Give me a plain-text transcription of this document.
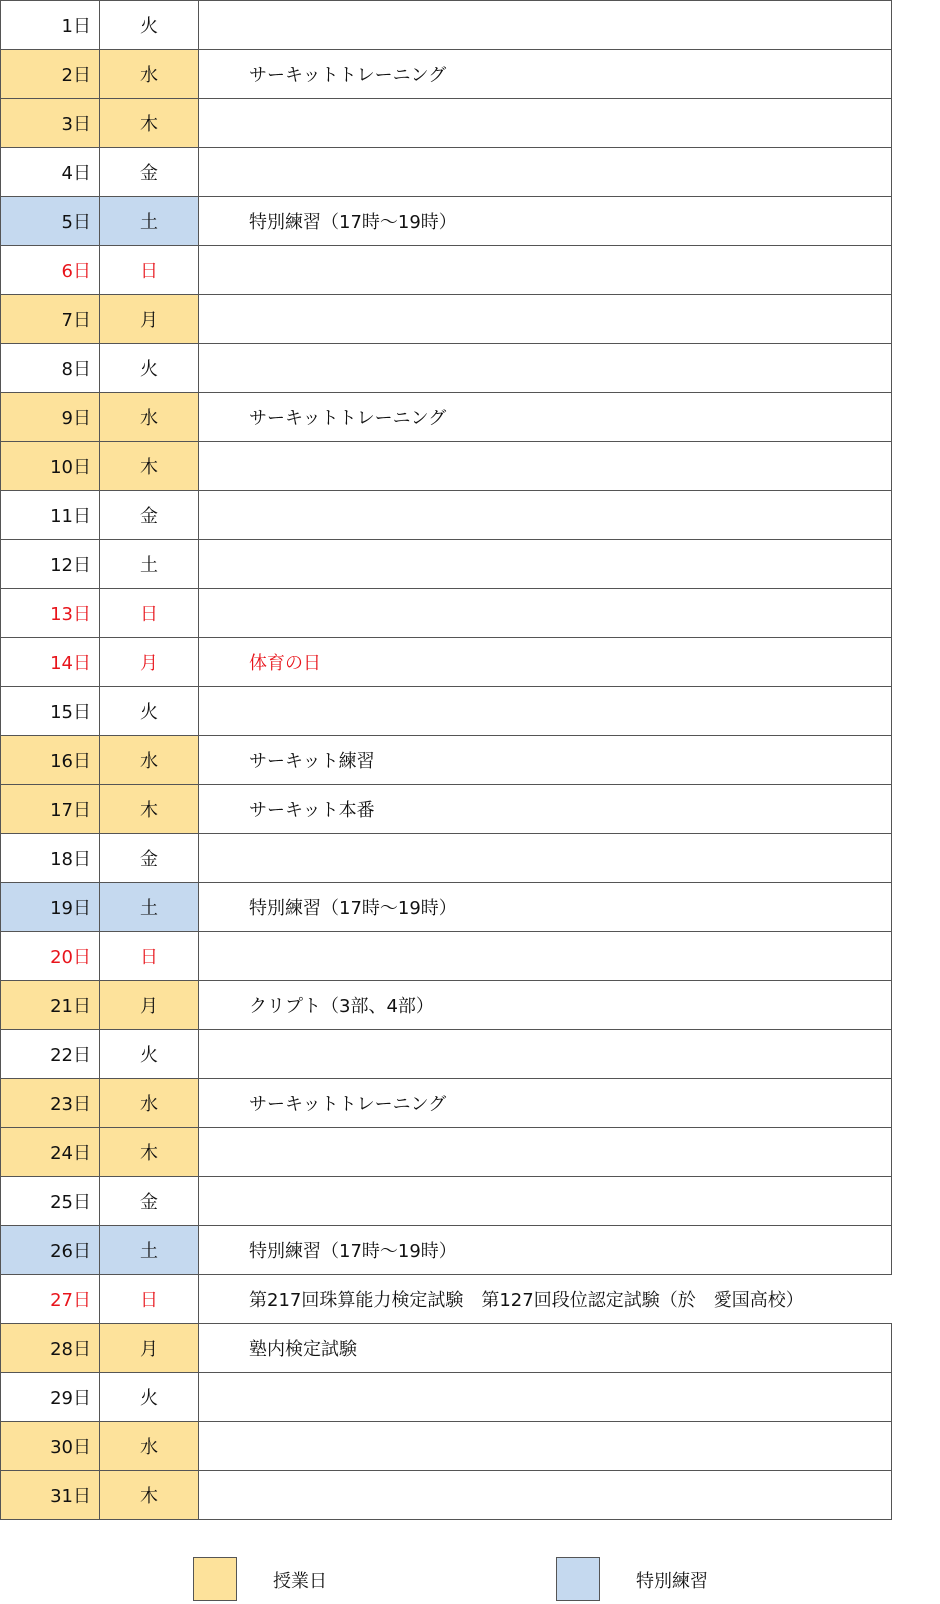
1日	火	
2日	水	サーキットトレーニング
3日	木	
4日	金	
5日	土	特別練習（17時～19時）
6日	日	
7日	月	
8日	火	
9日	水	サーキットトレーニング
10日	木	
11日	金	
12日	土	
13日	日	
14日	月	体育の日
15日	火	
16日	水	サーキット練習
17日	木	サーキット本番
18日	金	
19日	土	特別練習（17時～19時）
20日	日	
21日	月	クリプト（3部、4部）
22日	火	
23日	水	サーキットトレーニング
24日	木	
25日	金	
26日	土	特別練習（17時～19時）
27日	日	第217回珠算能力検定試験　第127回段位認定試験（於　愛国高校）
28日	月	塾内検定試験
29日	火	
30日	水	
31日	木	
授業日	特別練習
